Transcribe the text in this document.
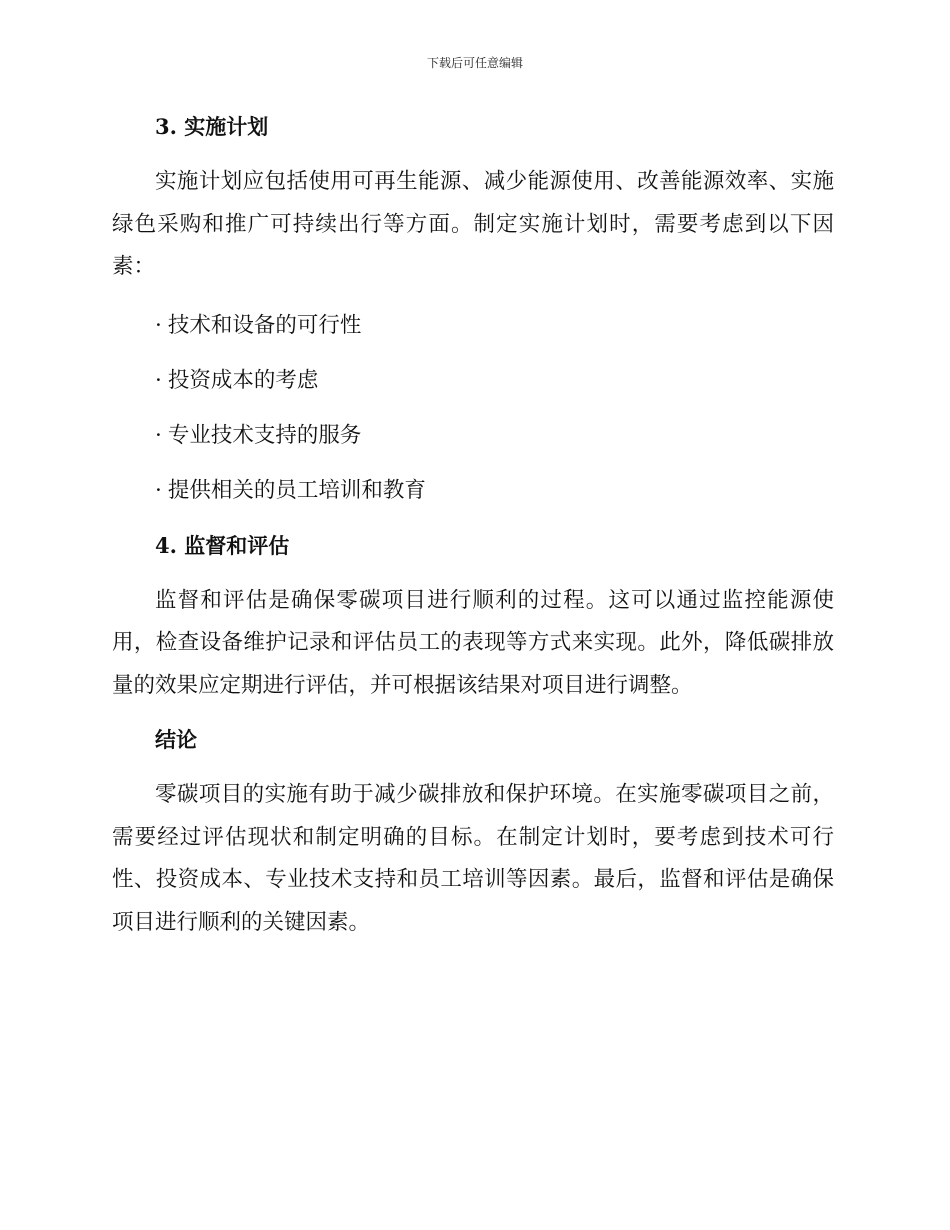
下载后可任意编辑
3. 实施计划

实施计划应包括使用可再生能源、减少能源使用、改善能源效率、实施绿色采购和推广可持续出行等方面。制定实施计划时，需要考虑到以下因素：

· 技术和设备的可行性
· 投资成本的考虑
· 专业技术支持的服务
· 提供相关的员工培训和教育
4. 监督和评估

监督和评估是确保零碳项目进行顺利的过程。这可以通过监控能源使用，检查设备维护记录和评估员工的表现等方式来实现。此外，降低碳排放量的效果应定期进行评估，并可根据该结果对项目进行调整。

结论

零碳项目的实施有助于减少碳排放和保护环境。在实施零碳项目之前，需要经过评估现状和制定明确的目标。在制定计划时，要考虑到技术可行性、投资成本、专业技术支持和员工培训等因素。最后，监督和评估是确保项目进行顺利的关键因素。
